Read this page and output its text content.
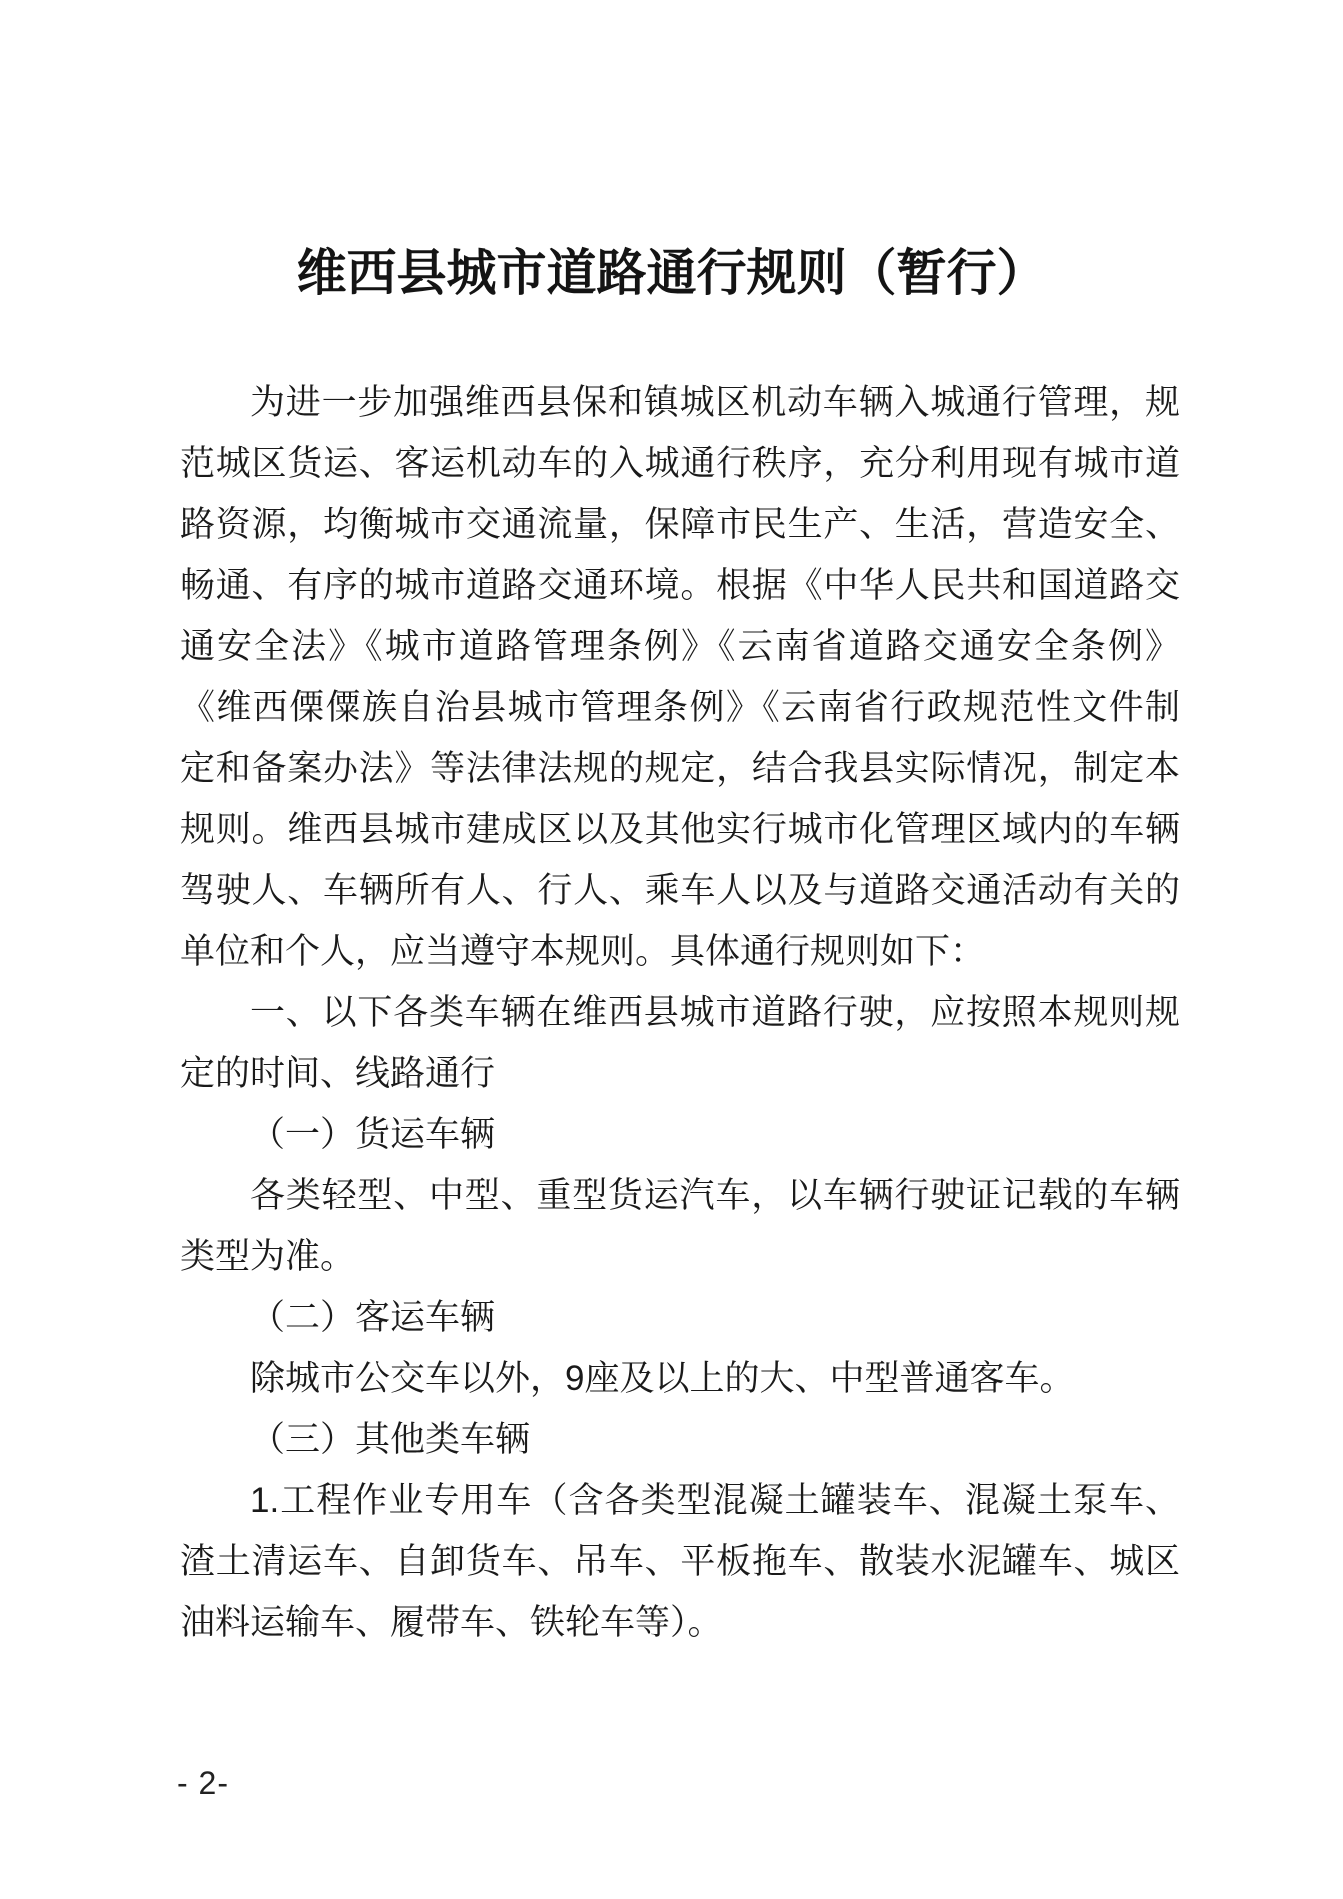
维西县城市道路通行规则（暂行）
为进一步加强维西县保和镇城区机动车辆入城通行管理，规
范城区货运、客运机动车的入城通行秩序，充分利用现有城市道
路资源，均衡城市交通流量，保障市民生产、生活，营造安全、
畅通、有序的城市道路交通环境。根据《中华人民共和国道路交
通安全法》《城市道路管理条例》《云南省道路交通安全条例》
《维西傈僳族自治县城市管理条例》《云南省行政规范性文件制
定和备案办法》等法律法规的规定，结合我县实际情况，制定本
规则。维西县城市建成区以及其他实行城市化管理区域内的车辆
驾驶人、车辆所有人、行人、乘车人以及与道路交通活动有关的
单位和个人，应当遵守本规则。具体通行规则如下：
一、以下各类车辆在维西县城市道路行驶，应按照本规则规
定的时间、线路通行
（一）货运车辆
各类轻型、中型、重型货运汽车，以车辆行驶证记载的车辆
类型为准。
（二）客运车辆
除城市公交车以外，9座及以上的大、中型普通客车。
（三）其他类车辆
1.工程作业专用车（含各类型混凝土罐装车、混凝土泵车、
渣土清运车、自卸货车、吊车、平板拖车、散装水泥罐车、城区
油料运输车、履带车、铁轮车等）。
- 2-
